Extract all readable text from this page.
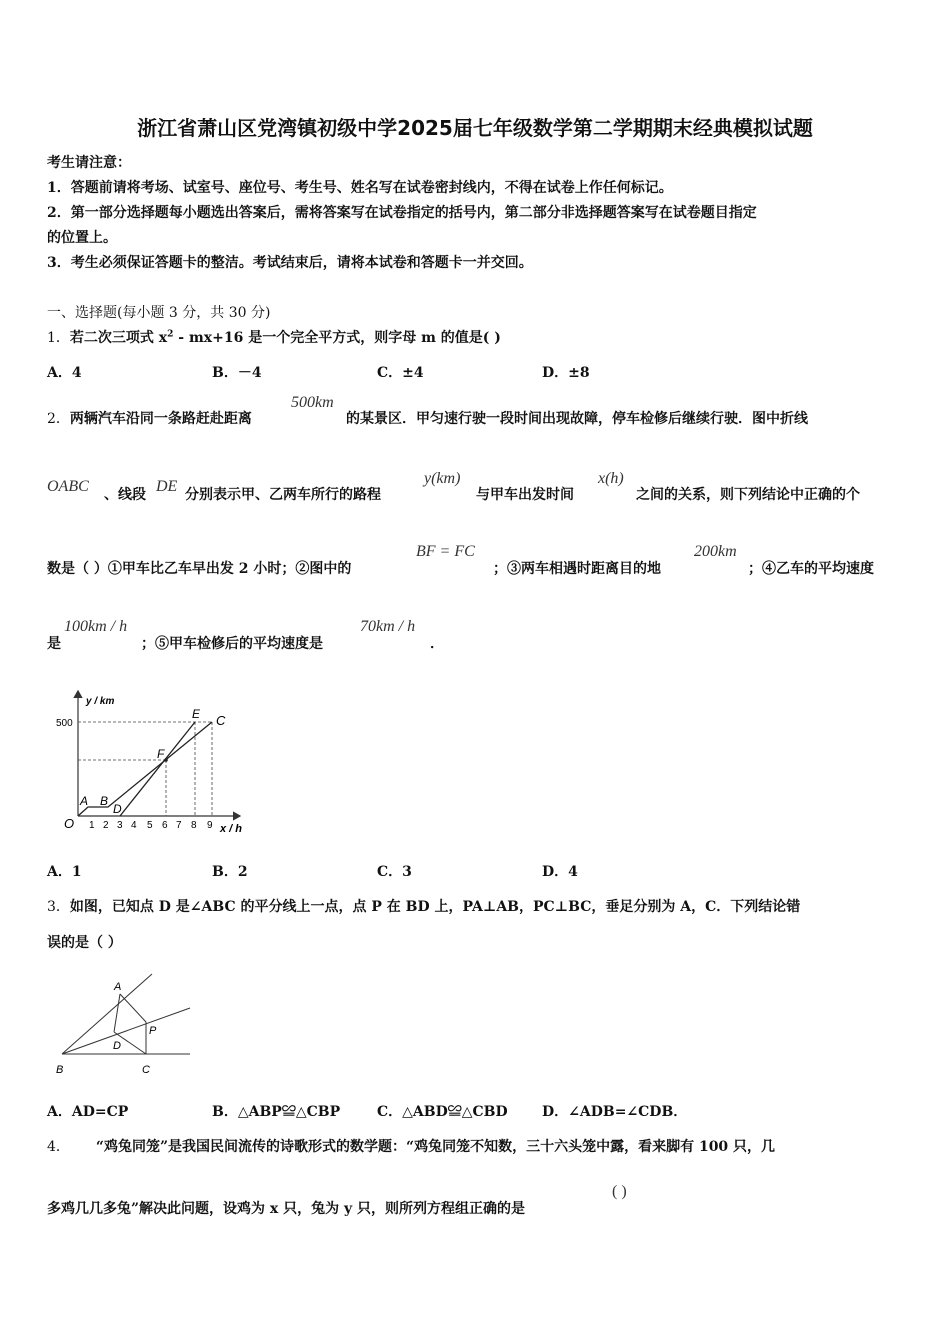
浙江省萧山区党湾镇初级中学2025届七年级数学第二学期期末经典模拟试题
考生请注意：
1．答题前请将考场、试室号、座位号、考生号、姓名写在试卷密封线内，不得在试卷上作任何标记。
2．第一部分选择题每小题选出答案后，需将答案写在试卷指定的括号内，第二部分非选择题答案写在试卷题目指定
的位置上。
3．考生必须保证答题卡的整洁。考试结束后，请将本试卷和答题卡一并交回。
一、选择题(每小题 3 分，共 30 分)
1．若二次三项式 $x^2 - mx+16$ 是一个完全平方式，则字母 m 的值是( )
A．4	B．－4	C．±4	D．±8
2．两辆汽车沿同一条路赶赴距离
500km
的某景区．甲匀速行驶一段时间出现故障，停车检修后继续行驶．图中折线
OABC 、线段 DE 分别表示甲、乙两车所行的路程
y(km)
与甲车出发时间
x(h)
之间的关系，则下列结论中正确的个
数是（ ）①甲车比乙车早出发 2 小时；②图中的
BF = FC
；③两车相遇时距离目的地
200km
；④乙车的平均速度
是
100km / h
；⑤甲车检修后的平均速度是
70km / h
．
y / km
500
O	x / h
1 2 3 4 5 6 7 8 9
A B
D
F
E C
A．1	B．2	C．3	D．4
3．如图，已知点 D 是∠ABC 的平分线上一点，点 P 在 BD 上，PA⊥AB，PC⊥BC，垂足分别为 A，C．下列结论错
误的是（ ）
A
B	C
D
P
A．AD=CP	B．△ABP≌△CBP	C．△ABD≌△CBD D．∠ADB=∠CDB．
4． “鸡兔同笼”是我国民间流传的诗歌形式的数学题：“鸡兔同笼不知数，三十六头笼中露，看来脚有 100 只，几
多鸡几几多兔”解决此问题，设鸡为 x 只，兔为 y 只，则所列方程组正确的是
( )
